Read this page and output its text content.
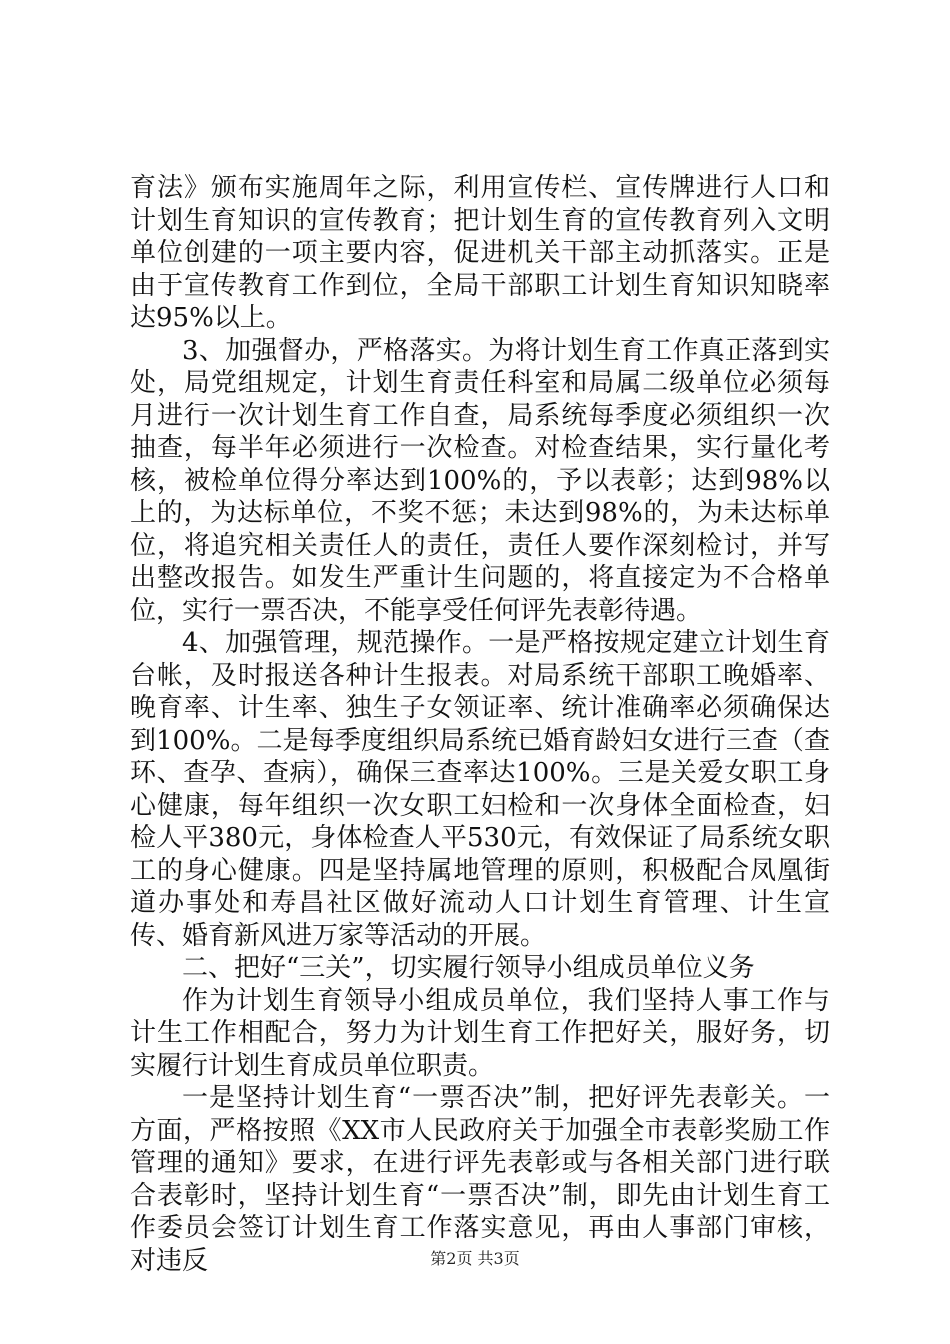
育法》颁布实施周年之际，利用宣传栏、宣传牌进行人口和计划生育知识的宣传教育；把计划生育的宣传教育列入文明单位创建的一项主要内容，促进机关干部主动抓落实。正是由于宣传教育工作到位，全局干部职工计划生育知识知晓率达95%以上。

3、加强督办，严格落实。为将计划生育工作真正落到实处，局党组规定，计划生育责任科室和局属二级单位必须每月进行一次计划生育工作自查，局系统每季度必须组织一次抽查，每半年必须进行一次检查。对检查结果，实行量化考核，被检单位得分率达到100%的，予以表彰；达到98%以上的，为达标单位，不奖不惩；未达到98%的，为未达标单位，将追究相关责任人的责任，责任人要作深刻检讨，并写出整改报告。如发生严重计生问题的，将直接定为不合格单位，实行一票否决，不能享受任何评先表彰待遇。

4、加强管理，规范操作。一是严格按规定建立计划生育台帐，及时报送各种计生报表。对局系统干部职工晚婚率、晚育率、计生率、独生子女领证率、统计准确率必须确保达到100%。二是每季度组织局系统已婚育龄妇女进行三查（查环、查孕、查病），确保三查率达100%。三是关爱女职工身心健康，每年组织一次女职工妇检和一次身体全面检查，妇检人平380元，身体检查人平530元，有效保证了局系统女职工的身心健康。四是坚持属地管理的原则，积极配合凤凰街道办事处和寿昌社区做好流动人口计划生育管理、计生宣传、婚育新风进万家等活动的开展。

二、把好“三关”，切实履行领导小组成员单位义务

作为计划生育领导小组成员单位，我们坚持人事工作与计生工作相配合，努力为计划生育工作把好关，服好务，切实履行计划生育成员单位职责。

一是坚持计划生育“一票否决”制，把好评先表彰关。一方面，严格按照《XX市人民政府关于加强全市表彰奖励工作管理的通知》要求，在进行评先表彰或与各相关部门进行联合表彰时，坚持计划生育“一票否决”制，即先由计划生育工作委员会签订计划生育工作落实意见，再由人事部门审核，对违反	第2页 共3页
